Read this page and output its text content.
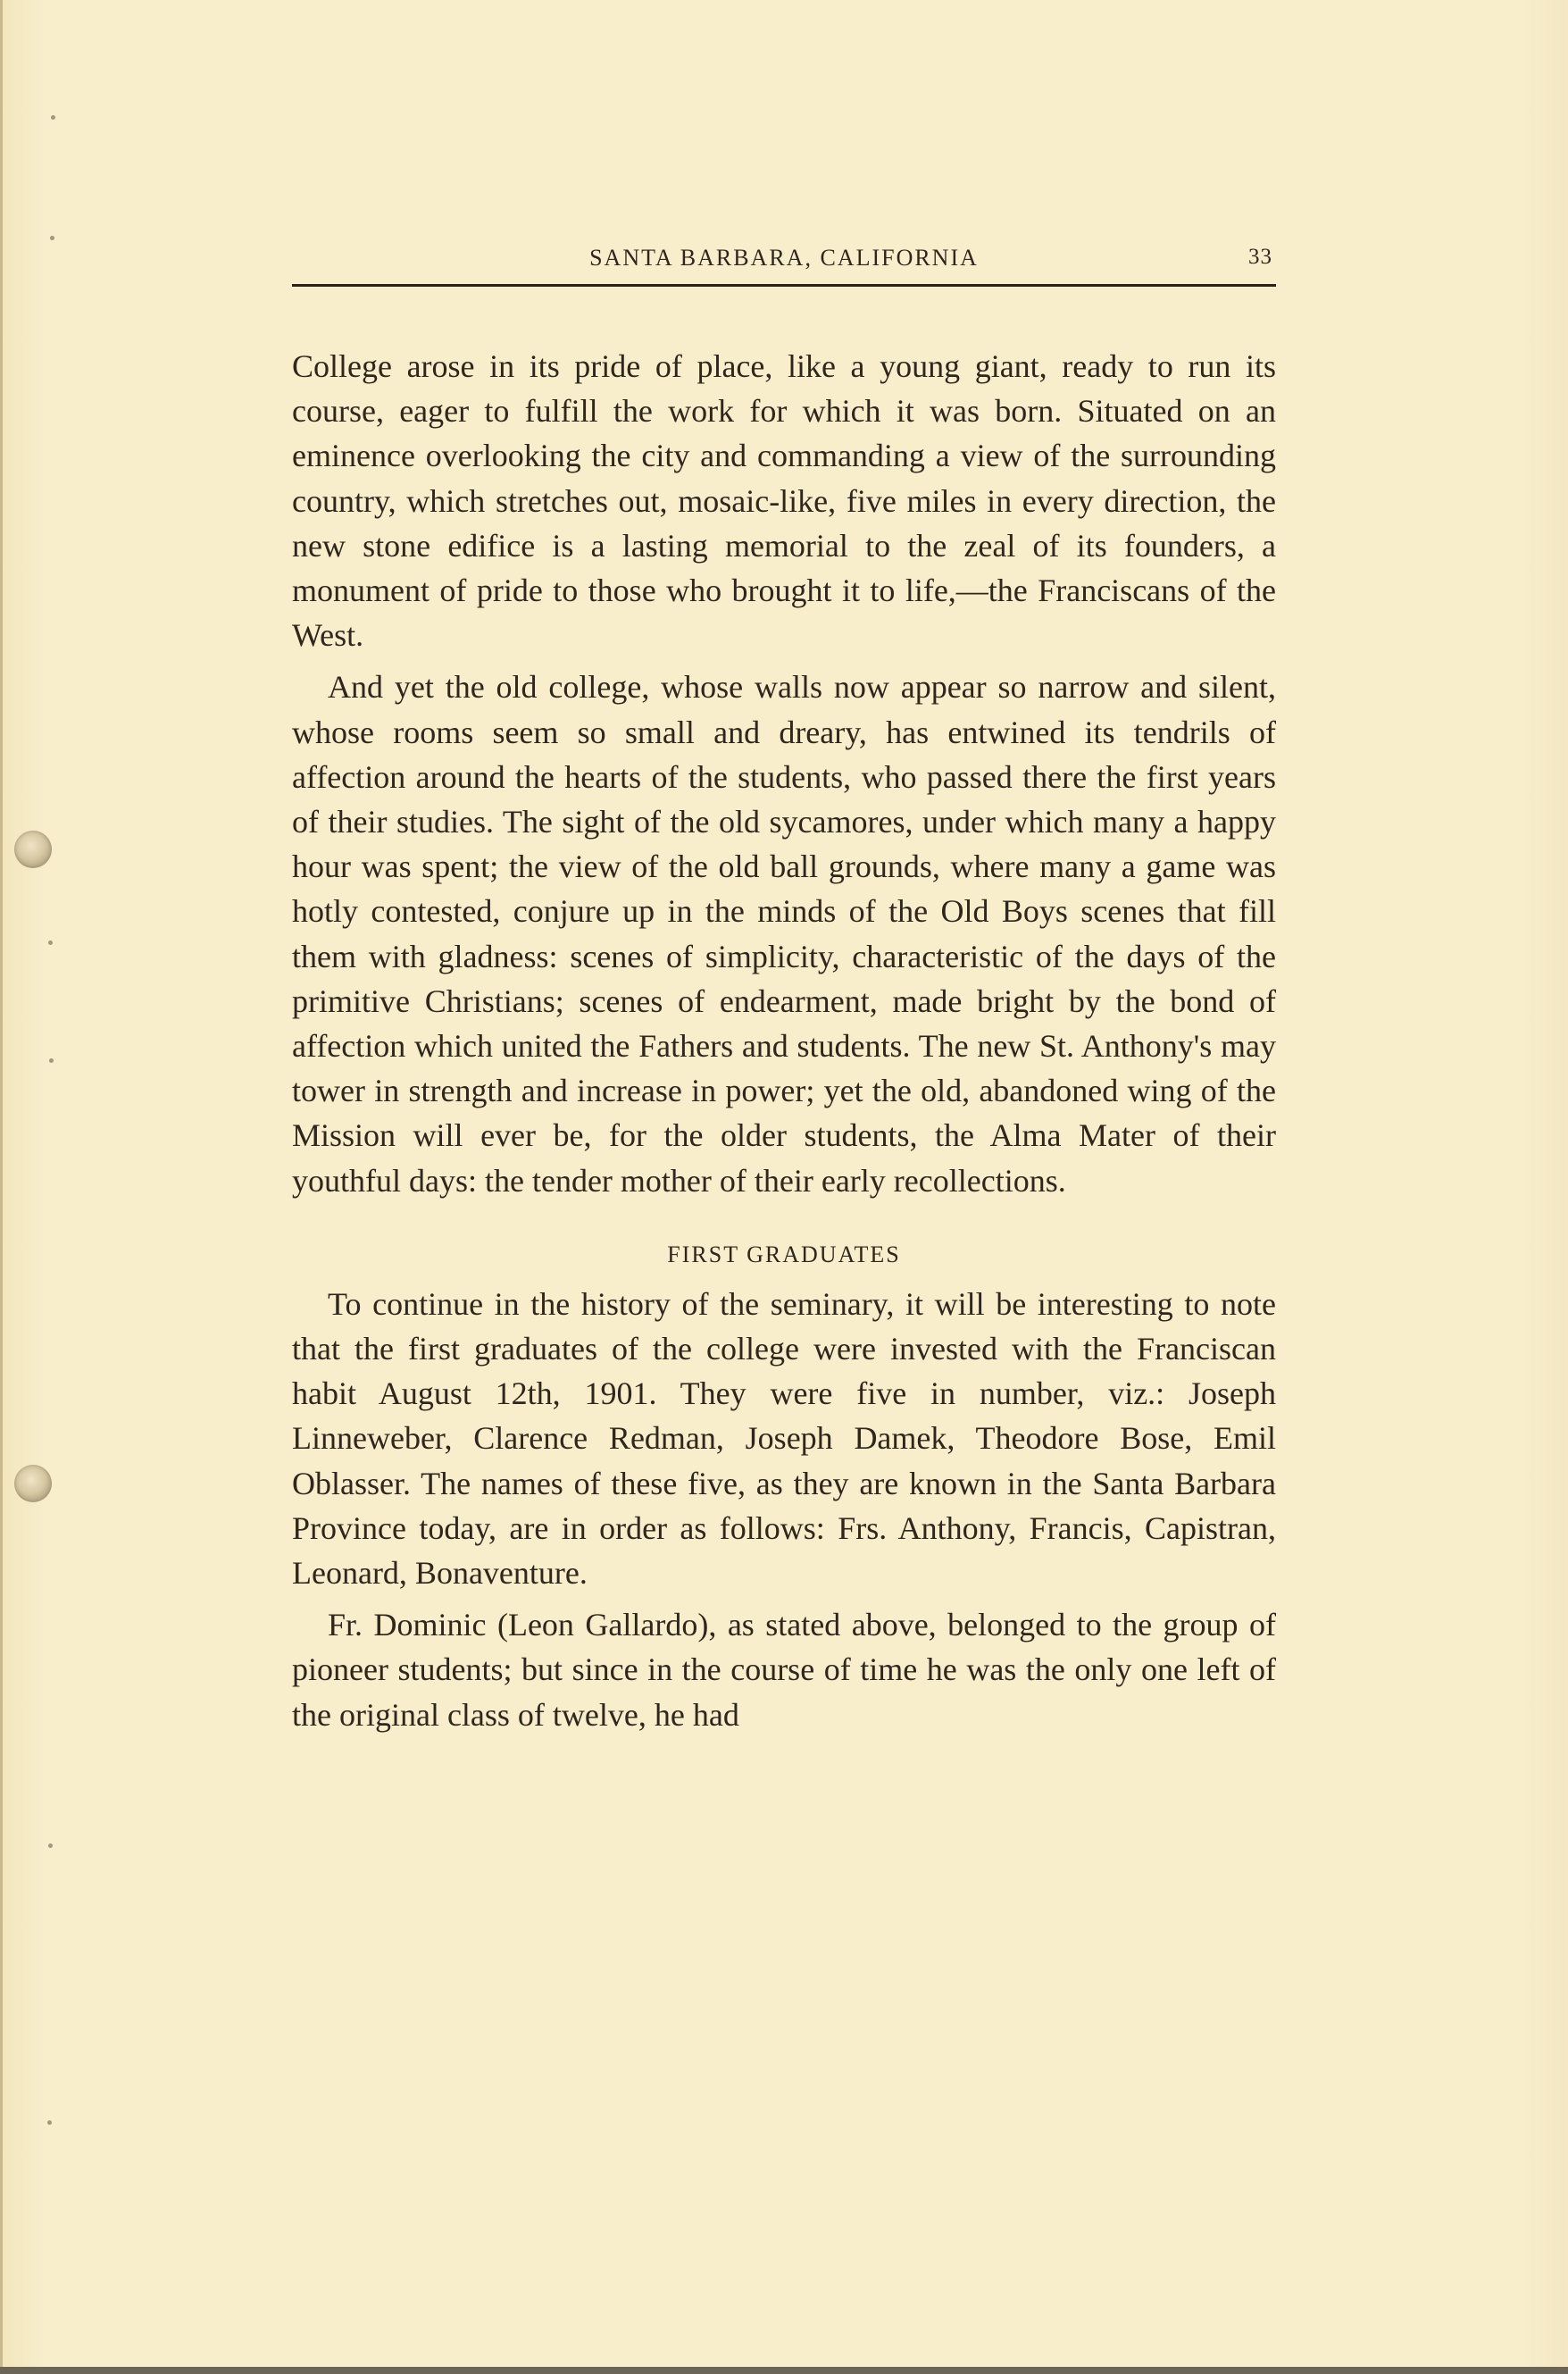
SANTA BARBARA, CALIFORNIA	33

College arose in its pride of place, like a young giant, ready to run its course, eager to fulfill the work for which it was born. Situated on an eminence overlooking the city and commanding a view of the surrounding country, which stretches out, mosaic-like, five miles in every direction, the new stone edifice is a lasting memorial to the zeal of its founders, a monument of pride to those who brought it to life,—the Franciscans of the West.

And yet the old college, whose walls now appear so narrow and silent, whose rooms seem so small and dreary, has entwined its tendrils of affection around the hearts of the students, who passed there the first years of their studies. The sight of the old sycamores, under which many a happy hour was spent; the view of the old ball grounds, where many a game was hotly contested, conjure up in the minds of the Old Boys scenes that fill them with gladness: scenes of simplicity, characteristic of the days of the primitive Christians; scenes of endearment, made bright by the bond of affection which united the Fathers and students. The new St. Anthony's may tower in strength and increase in power; yet the old, abandoned wing of the Mission will ever be, for the older students, the Alma Mater of their youthful days: the tender mother of their early recollections.

FIRST GRADUATES

To continue in the history of the seminary, it will be interesting to note that the first graduates of the college were invested with the Franciscan habit August 12th, 1901. They were five in number, viz.: Joseph Linneweber, Clarence Redman, Joseph Damek, Theodore Bose, Emil Oblasser. The names of these five, as they are known in the Santa Barbara Province today, are in order as follows: Frs. Anthony, Francis, Capistran, Leonard, Bonaventure.

Fr. Dominic (Leon Gallardo), as stated above, belonged to the group of pioneer students; but since in the course of time he was the only one left of the original class of twelve, he had
